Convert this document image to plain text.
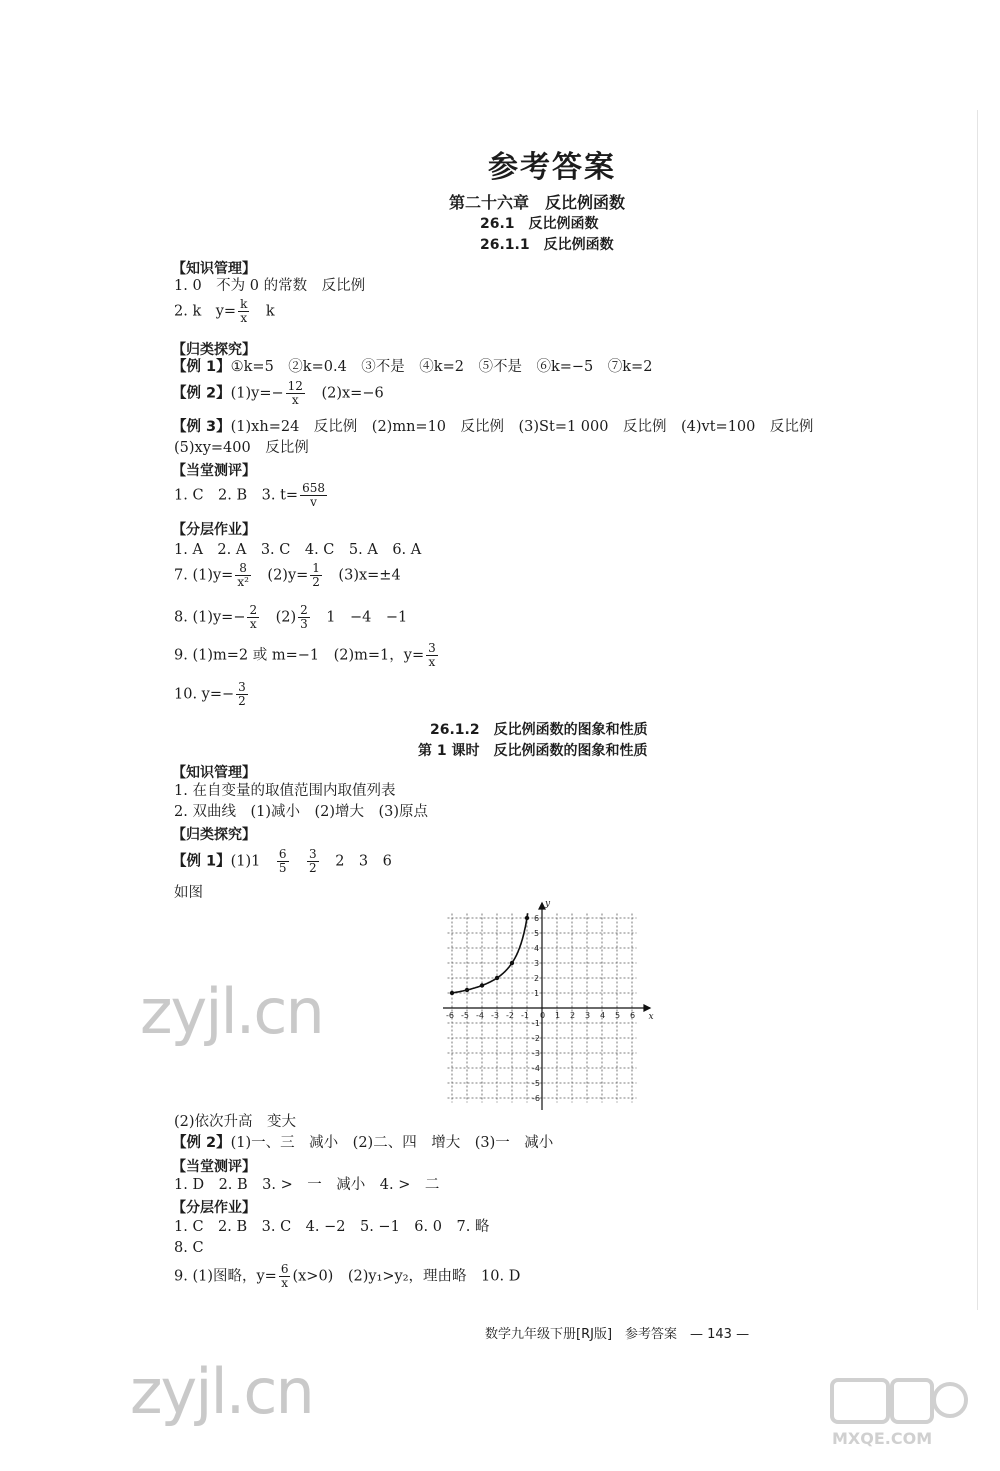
参考答案
第二十六章　反比例函数
26.1　反比例函数
26.1.1　反比例函数
【知识管理】
1. 0　不为 0 的常数　反比例
2. k　$y= \frac{k}{x}$
　 k
【归类探究】
【例 1】①k=5　②k=0.4　③不是　④k=2　⑤不是　⑥k=−5　⑦k=2
【例 2】$(1)y=- \frac{12}{x}$ 　(2)x=−6
【例 3】(1)xh=24　反比例　(2)mn=10　反比例　(3)St=1 000　反比例　(4)vt=100　反比例
(5)xy=400　反比例
【当堂测评】
1. C　2. B　3. $t= \frac{658}{v}$
【分层作业】
1. A　2. A　3. C　4. C　5. A　6. A
7. $(1)y= \frac{8}{\text{x²}}$ 　$(2)y= \frac{1}{2}$ 　(3)x=±4
8. $(1)y=- \frac{2}{x}$ 　$(2) \frac{2}{3}$ 　1　−4　−1
9. (1)m=2 或 m=−1　(2)m=1，$y= \frac{3}{x}$
10. $y=- \frac{3}{2}$
26.1.2　反比例函数的图象和性质
第 1 课时　反比例函数的图象和性质
【知识管理】
1. 在自变量的取值范围内取值列表
2. 双曲线　(1)减小　(2)增大　(3)原点
【归类探究】
【例 1】(1)1　 $\frac{6}{5}$
　 $\frac{3}{2}$
　 2　3　6
如图
-6 -5 -4 -3 -2 -1 0 1 2 3 4 5 6
6
5
4
3
2
1
-1
-2
-3
-4
-5
-6
x
y
zyjl.cn
(2)依次升高　变大
【例 2】(1)一、三　减小　(2)二、四　增大　(3)一　减小
【当堂测评】
1. D　2. B　3. >　一　减小　4. >　二
【分层作业】
1. C　2. B　3. C　4. −2　5. −1　6. 0　7. 略
8. C
9. (1)图略，$y= \frac{6}{x} (x>0)$　(2)y₁>y₂，理由略　10. D
数学九年级下册[RJ版]　参考答案　— 143 —
zyjl.cn
MXQE.COM
